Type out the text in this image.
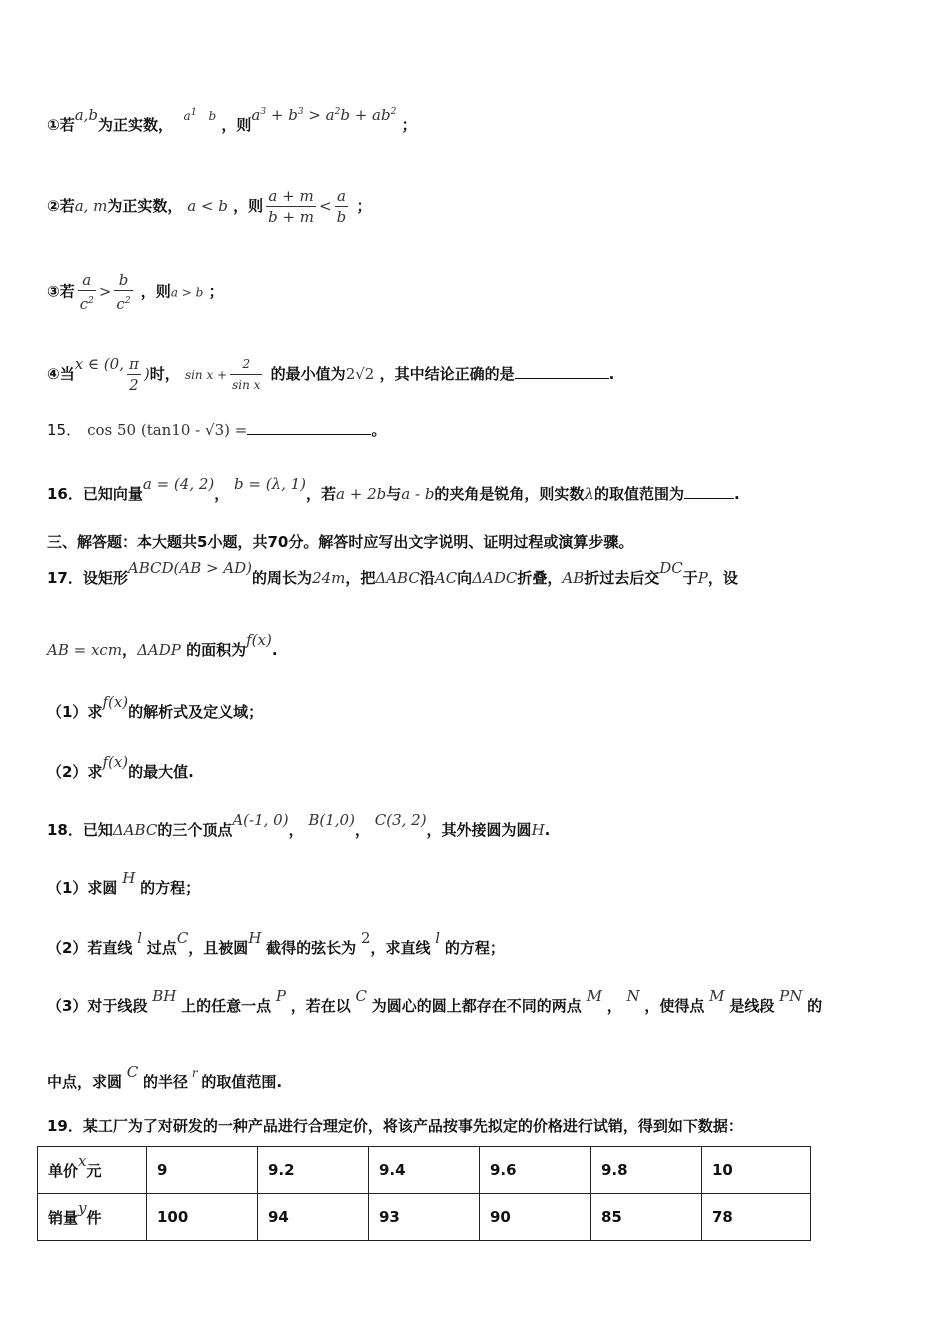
①若a,b为正实数， $^{a^1 b}$ ，则$a^3 + b^3 > a^2b + ab^2$ ；
②若a, m为正实数， a < b ，则 $\frac{a + m}{b + m} < \frac{a}{b}$ ；
③若 $\frac{a}{c^2} > \frac{b}{c^2}$ ，则a > b ；
④当x ∈ (0, $\frac{\pi}{2}$ )时， $\sin x + \frac{2}{\text{sin x}}$ 的最小值为2√2 ，其中结论正确的是	.
15． cos 50 (tan10 - √3) =	。
16．已知向量a = (4, 2)， b = (λ, 1)，若a + 2b与a - b的夹角是锐角，则实数λ的取值范围为	.
三、解答题：本大题共5小题，共70分。解答时应写出文字说明、证明过程或演算步骤。
17．设矩形ABCD(AB > AD)的周长为24m，把ΔABC沿AC向ΔADC折叠，AB折过去后交DC于P，设
AB = xcm，ΔADP 的面积为f(x).
（1）求f(x)的解析式及定义域；
（2）求f(x)的最大值.
18．已知ΔABC的三个顶点A(-1, 0)， B(1,0)， C(3, 2)，其外接圆为圆H.
（1）求圆 H 的方程；
（2）若直线 l 过点C，且被圆H 截得的弦长为 2，求直线 l 的方程；
（3）对于线段 BH 上的任意一点 P ，若在以 C 为圆心的圆上都存在不同的两点 M ， N ，使得点 M 是线段 PN 的
中点，求圆 C 的半径 $^r$ 的取值范围.
19．某工厂为了对研发的一种产品进行合理定价，将该产品按事先拟定的价格进行试销，得到如下数据：
单价x元	9	9.2	9.4	9.6	9.8	10
销量y件	100	94	93	90	85	78
